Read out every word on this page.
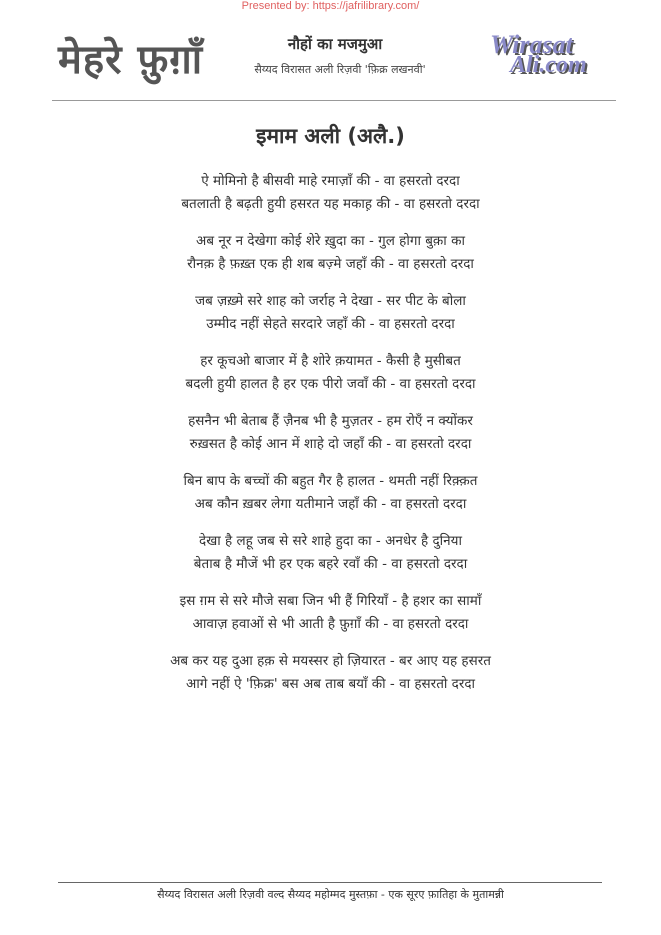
Presented by: https://jafrilibrary.com/
मेहरे फ़ुग़ाँ	नौहों का मजमुआ
सैय्यद विरासत अली रिज़वी 'फ़िक्र लखनवी'
Wirasat
Ali.com
इमाम अली (अलै.)
ऐ मोमिनो है बीसवी माहे रमाज़ाँ की - वा हसरतो दरदा
बतलाती है बढ़ती हुयी हसरत यह मकाह़ की - वा हसरतो दरदा
अब नूर न देखेगा कोई शेरे ख़ुदा का - गुल होगा बुक़ा का
रौनक़ है फ़ख़्त एक ही शब बज़्मे जहाँ की - वा हसरतो दरदा
जब ज़ख़्मे सरे शाह को जर्राह ने देखा - सर पीट के बोला
उम्मीद नहीं सेहते सरदारे जहाँ की - वा हसरतो दरदा
हर कूचओ बाजार में है शोरे क़यामत - कैसी है मुसीबत
बदली हुयी हालत है हर एक पीरो जवाँ की - वा हसरतो दरदा
हसनैन भी बेताब हैं ज़ैनब भी है मुज़तर - हम रोएँ न क्योंकर
रुख़सत है कोई आन में शाहे दो जहाँ की - वा हसरतो दरदा
बिन बाप के बच्चों की बहुत गैर है हालत - थमती नहीं रिक़्क़त
अब कौन ख़बर लेगा यतीमाने जहाँ की - वा हसरतो दरदा
देखा है लहू जब से सरे शाहे हुदा का - अनधेर है दुनिया
बेताब है मौजें भी हर एक बहरे रवाँ की - वा हसरतो दरदा
इस ग़म से सरे मौजे सबा जिन भी हैं गिरियाँ - है हशर का सामाँ
आवाज़ हवाओं से भी आती है फ़ुग़ाँ की - वा हसरतो दरदा
अब कर यह दुआ हक़ से मयस्सर हो ज़ियारत - बर आए यह हसरत
आगे नहीं ऐ 'फ़िक्र' बस अब ताब बयाँ की - वा हसरतो दरदा
सैय्यद विरासत अली रिज़वी वल्द सैय्यद महोम्मद मुस्तफ़ा - एक सूरए फ़ातिहा के मुतामन्नी
